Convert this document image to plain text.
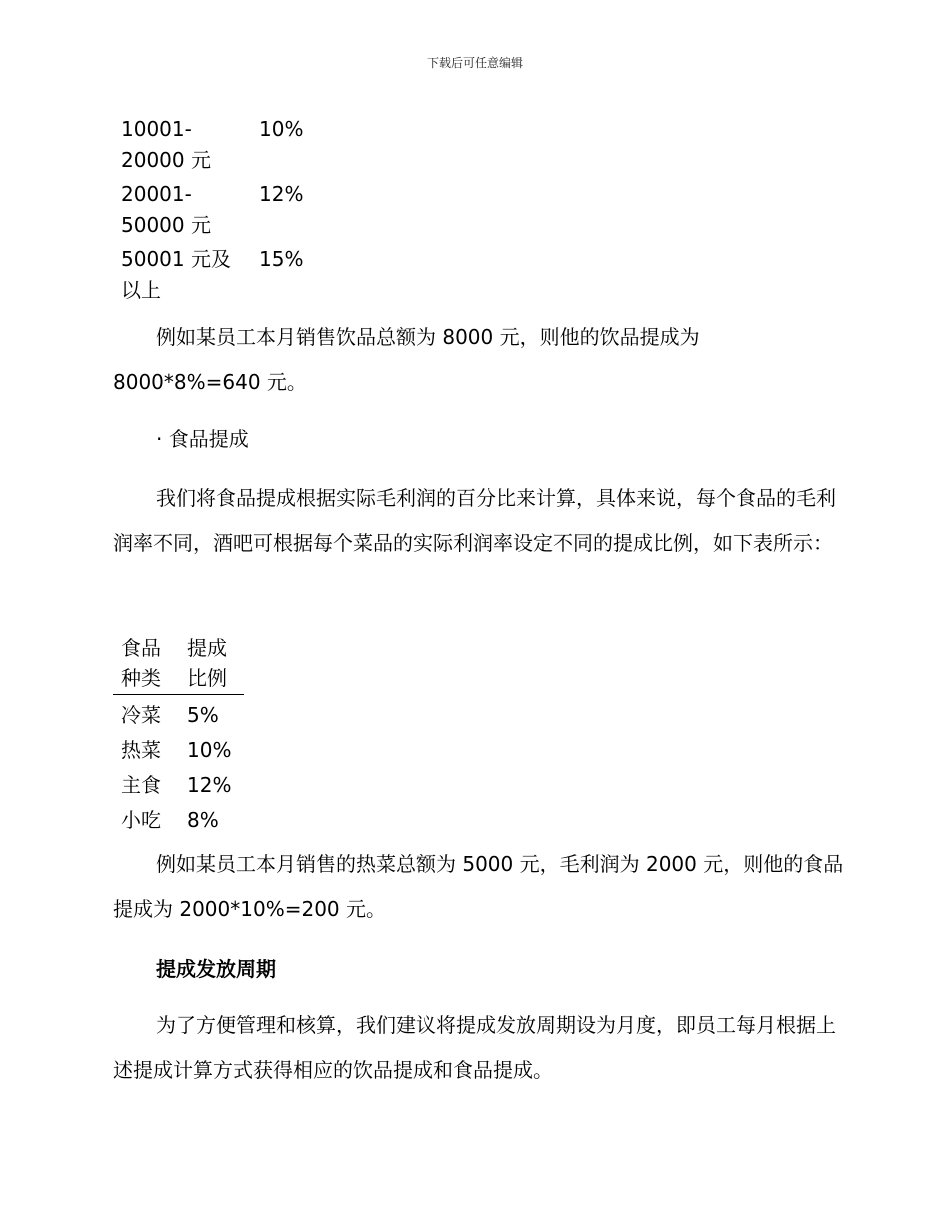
下载后可任意编辑
10001-
20000 元	10%
20001-
50000 元	12%
50001 元及
以上	15%

例如某员工本月销售饮品总额为 8000 元，则他的饮品提成为 8000*8%=640 元。

· 食品提成

我们将食品提成根据实际毛利润的百分比来计算，具体来说，每个食品的毛利润率不同，酒吧可根据每个菜品的实际利润率设定不同的提成比例，如下表所示：

食品
种类	提成
比例
冷菜	5%
热菜	10%
主食	12%
小吃	8%

例如某员工本月销售的热菜总额为 5000 元，毛利润为 2000 元，则他的食品提成为 2000*10%=200 元。

提成发放周期

为了方便管理和核算，我们建议将提成发放周期设为月度，即员工每月根据上述提成计算方式获得相应的饮品提成和食品提成。
